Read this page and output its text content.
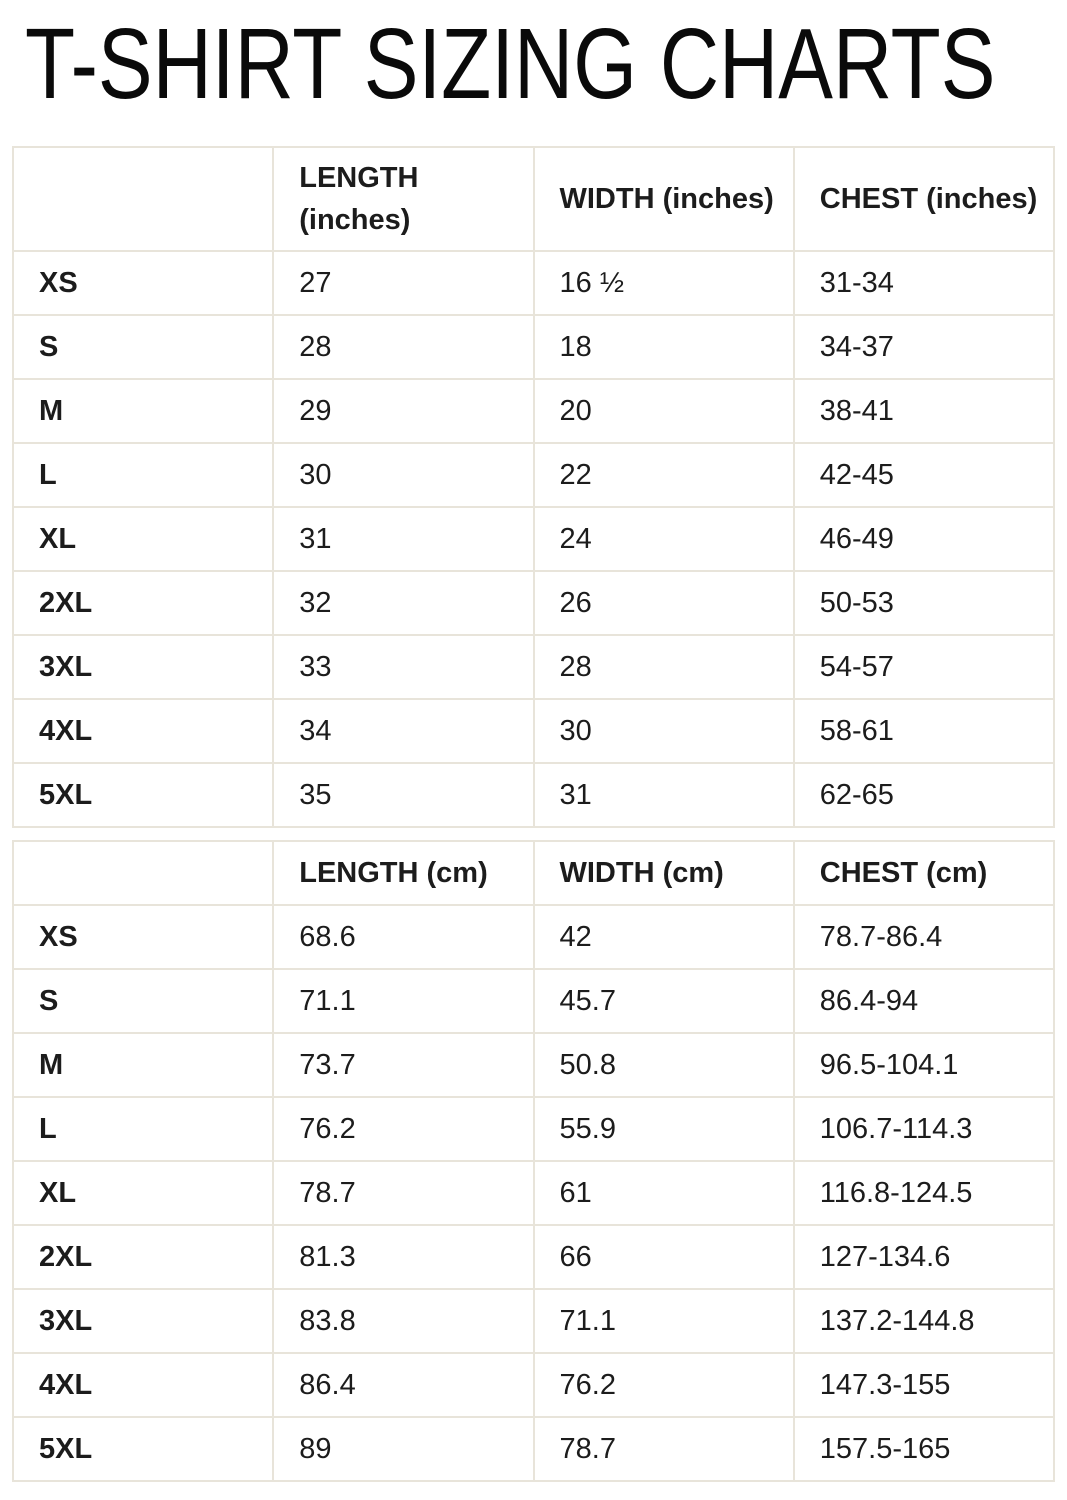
T-SHIRT SIZING CHARTS
	LENGTH (inches)	WIDTH (inches)	CHEST (inches)
XS	27	16 ½	31-34
S	28	18	34-37
M	29	20	38-41
L	30	22	42-45
XL	31	24	46-49
2XL	32	26	50-53
3XL	33	28	54-57
4XL	34	30	58-61
5XL	35	31	62-65
	LENGTH (cm)	WIDTH (cm)	CHEST (cm)
XS	68.6	42	78.7-86.4
S	71.1	45.7	86.4-94
M	73.7	50.8	96.5-104.1
L	76.2	55.9	106.7-114.3
XL	78.7	61	116.8-124.5
2XL	81.3	66	127-134.6
3XL	83.8	71.1	137.2-144.8
4XL	86.4	76.2	147.3-155
5XL	89	78.7	157.5-165
